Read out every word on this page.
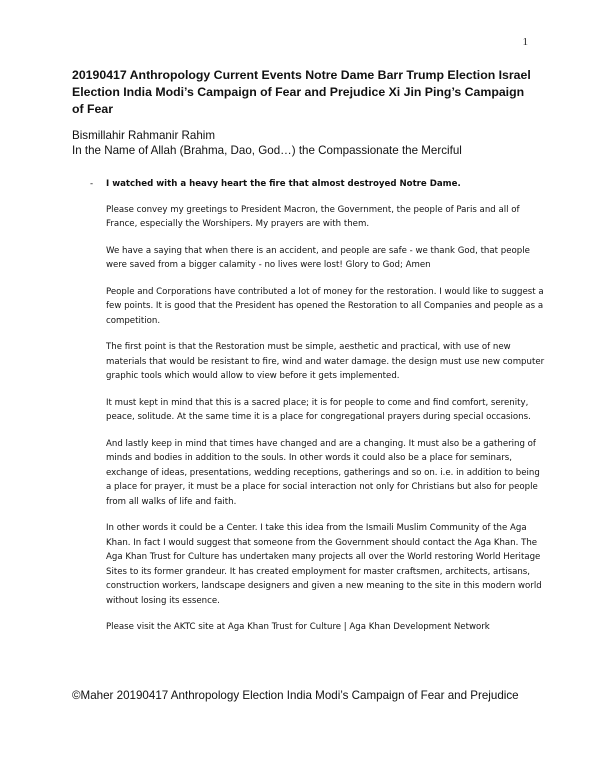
1
20190417 Anthropology Current Events Notre Dame Barr Trump Election Israel Election India Modi’s Campaign of Fear and Prejudice Xi Jin Ping’s Campaign of Fear
Bismillahir Rahmanir Rahim
In the Name of Allah (Brahma, Dao, God…) the Compassionate the Merciful
- I watched with a heavy heart the fire that almost destroyed Notre Dame.

Please convey my greetings to President Macron, the Government, the people of Paris and all of France, especially the Worshipers. My prayers are with them.

We have a saying that when there is an accident, and people are safe - we thank God, that people were saved from a bigger calamity - no lives were lost! Glory to God; Amen

People and Corporations have contributed a lot of money for the restoration. I would like to suggest a few points. It is good that the President has opened the Restoration to all Companies and people as a competition.

The first point is that the Restoration must be simple, aesthetic and practical, with use of new materials that would be resistant to fire, wind and water damage. the design must use new computer graphic tools which would allow to view before it gets implemented.

It must kept in mind that this is a sacred place; it is for people to come and find comfort, serenity, peace, solitude. At the same time it is a place for congregational prayers during special occasions.

And lastly keep in mind that times have changed and are a changing. It must also be a gathering of minds and bodies in addition to the souls. In other words it could also be a place for seminars, exchange of ideas, presentations, wedding receptions, gatherings and so on. i.e. in addition to being a place for prayer, it must be a place for social interaction not only for Christians but also for people from all walks of life and faith.

In other words it could be a Center. I take this idea from the Ismaili Muslim Community of the Aga Khan. In fact I would suggest that someone from the Government should contact the Aga Khan. The Aga Khan Trust for Culture has undertaken many projects all over the World restoring World Heritage Sites to its former grandeur. It has created employment for master craftsmen, architects, artisans, construction workers, landscape designers and given a new meaning to the site in this modern world without losing its essence.

Please visit the AKTC site at Aga Khan Trust for Culture | Aga Khan Development Network

©Maher 20190417 Anthropology Election India Modi’s Campaign of Fear and Prejudice
